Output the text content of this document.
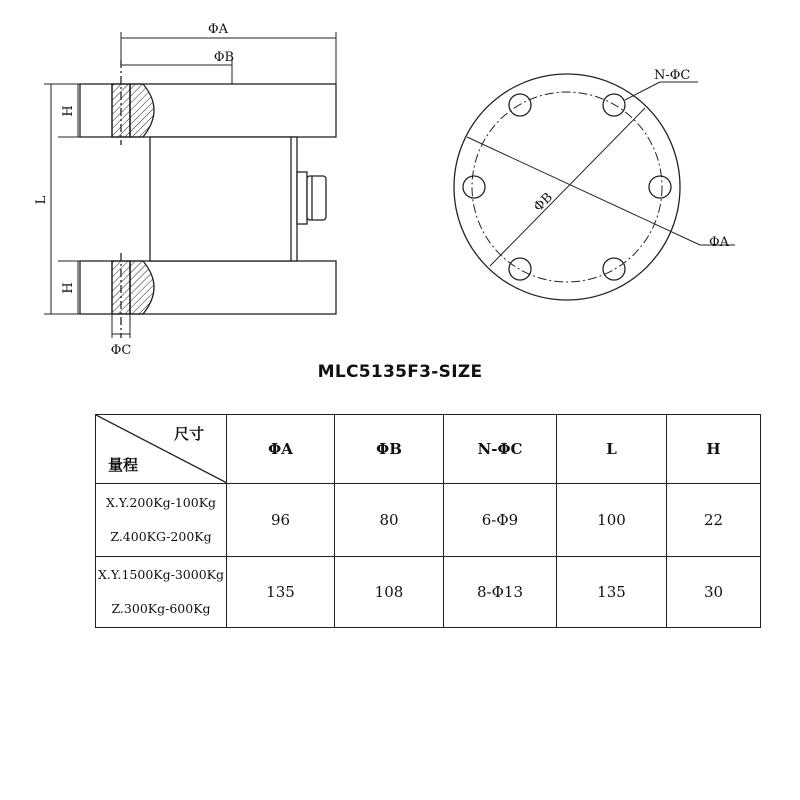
ΦA
ΦB
ΦC
H
H
L
N-ΦC
ΦB
ΦA
MLC5135F3-SIZE
尺寸
量程	ΦA	ΦB	N-ΦC	L	H

X.Y.200Kg-100Kg
Z.400KG-200Kg	96	80	6-Φ9	100	22

X.Y.1500Kg-3000Kg
Z.300Kg-600Kg	135	108	8-Φ13	135	30
